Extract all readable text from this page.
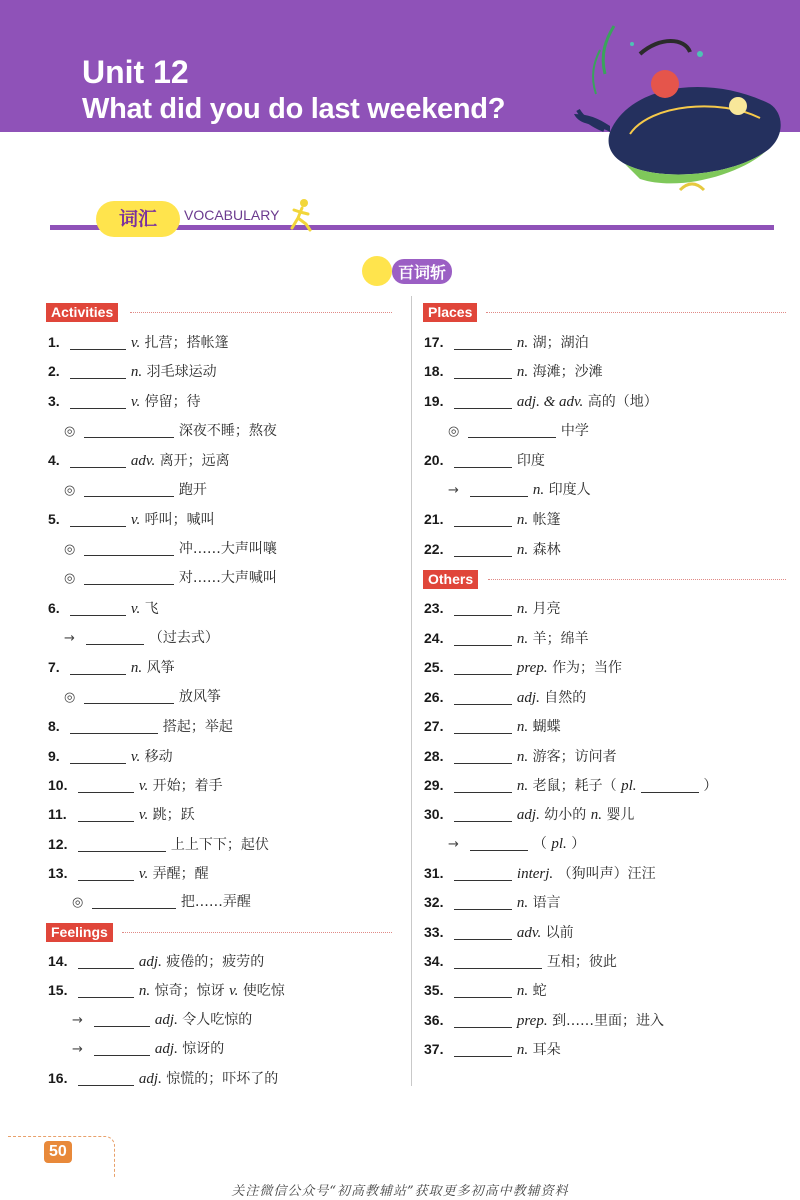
Unit 12
What did you do last weekend?
词汇	VOCABULARY
百词斩
Activities
Feelings
Places
Others
1.	v. 扎营；搭帐篷
2.	n. 羽毛球运动
3.	v. 停留；待
◎	深夜不睡；熬夜
4.	adv. 离开；远离
◎	跑开
5.	v. 呼叫；喊叫
◎	冲……大声叫嚷
◎	对……大声喊叫
6.	v. 飞
→	（过去式）
7.	n. 风筝
◎	放风筝
8.	搭起；举起
9.	v. 移动
10.	v. 开始；着手
11.	v. 跳；跃
12.	上上下下；起伏
13.	v. 弄醒；醒
◎	把……弄醒
14.	adj. 疲倦的；疲劳的
15.	n. 惊奇；惊讶 v. 使吃惊
→	adj. 令人吃惊的
→	adj. 惊讶的
16.	adj. 惊慌的；吓坏了的
17.	n. 湖；湖泊
18.	n. 海滩；沙滩
19.	adj. & adv. 高的（地）
◎	中学
20.	印度
→	n. 印度人
21.	n. 帐篷
22.	n. 森林
23.	n. 月亮
24.	n. 羊；绵羊
25.	prep. 作为；当作
26.	adj. 自然的
27.	n. 蝴蝶
28.	n. 游客；访问者
29.	n. 老鼠；耗子（ pl.	）
30.	adj. 幼小的 n. 婴儿
→	（ pl. ）
31.	interj. （狗叫声）汪汪
32.	n. 语言
33.	adv. 以前
34.	互相；彼此
35.	n. 蛇
36.	prep. 到……里面；进入
37.	n. 耳朵
50
关注微信公众号“初高教辅站”获取更多初高中教辅资料
